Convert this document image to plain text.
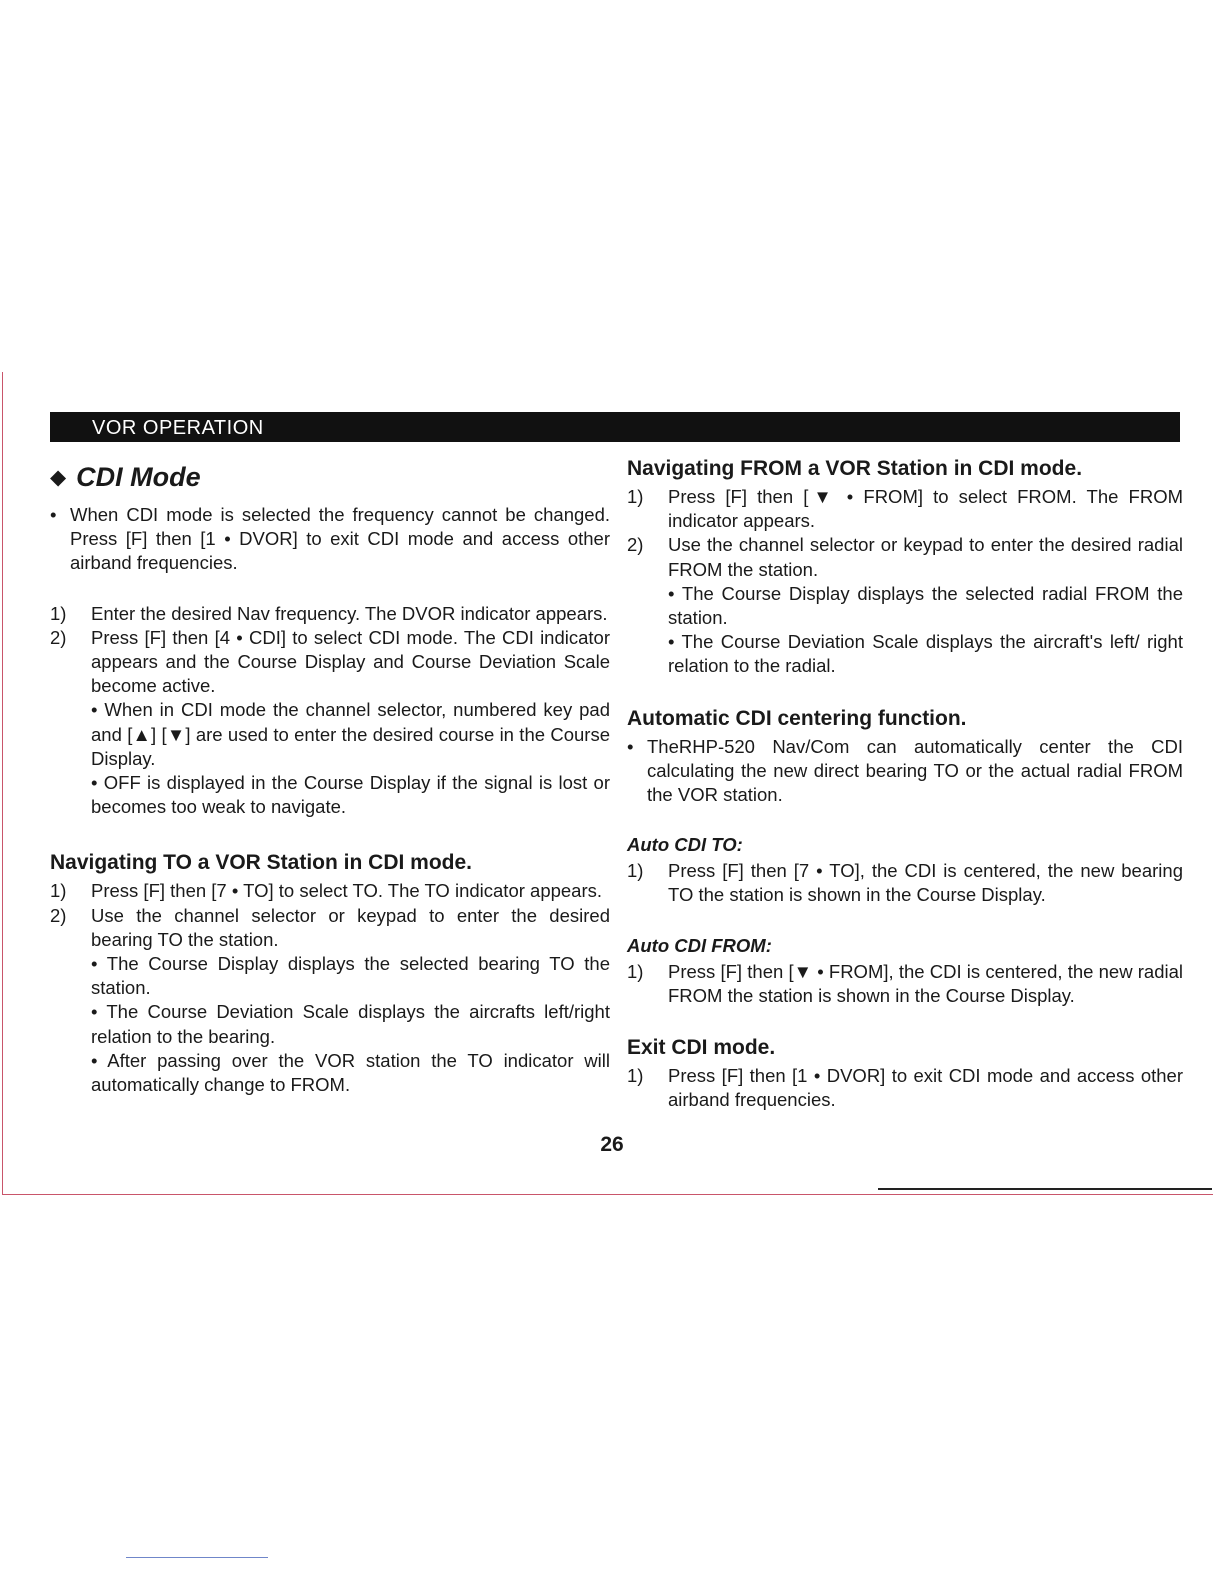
VOR OPERATION
◆ CDI Mode
• When CDI mode is selected the frequency cannot be changed. Press [F] then [1 • DVOR] to exit CDI mode and access other airband frequencies.
1) Enter the desired Nav frequency. The DVOR indicator appears.
2) Press [F] then [4 • CDI] to select CDI mode. The CDI indicator appears and the Course Display and Course Deviation Scale become active.
• When in CDI mode the channel selector, numbered key pad and [▲] [▼] are used to enter the desired course in the Course Display.
• OFF is displayed in the Course Display if the signal is lost or becomes too weak to navigate.
Navigating TO a VOR Station in CDI mode.
1) Press [F] then [7 • TO] to select TO. The TO indicator appears.
2) Use the channel selector or keypad to enter the desired bearing TO the station.
• The Course Display displays the selected bearing TO the station.
• The Course Deviation Scale displays the aircrafts left/right relation to the bearing.
• After passing over the VOR station the TO indicator will automatically change to FROM.
Navigating FROM a VOR Station in CDI mode.
1) Press [F] then [▼ • FROM] to select FROM. The FROM indicator appears.
2) Use the channel selector or keypad to enter the desired radial FROM the station.
• The Course Display displays the selected radial FROM the station.
• The Course Deviation Scale displays the aircraft's left/ right relation to the radial.
Automatic CDI centering function.
• TheRHP-520 Nav/Com can automatically center the CDI calculating the new direct bearing TO or the actual radial FROM the VOR station.
Auto CDI TO:
1) Press [F] then [7 • TO], the CDI is centered, the new bearing TO the station is shown in the Course Display.
Auto CDI FROM:
1) Press [F] then [▼ • FROM], the CDI is centered, the new radial FROM the station is shown in the Course Display.
Exit CDI mode.
1) Press [F] then [1 • DVOR] to exit CDI mode and access other airband frequencies.
26
